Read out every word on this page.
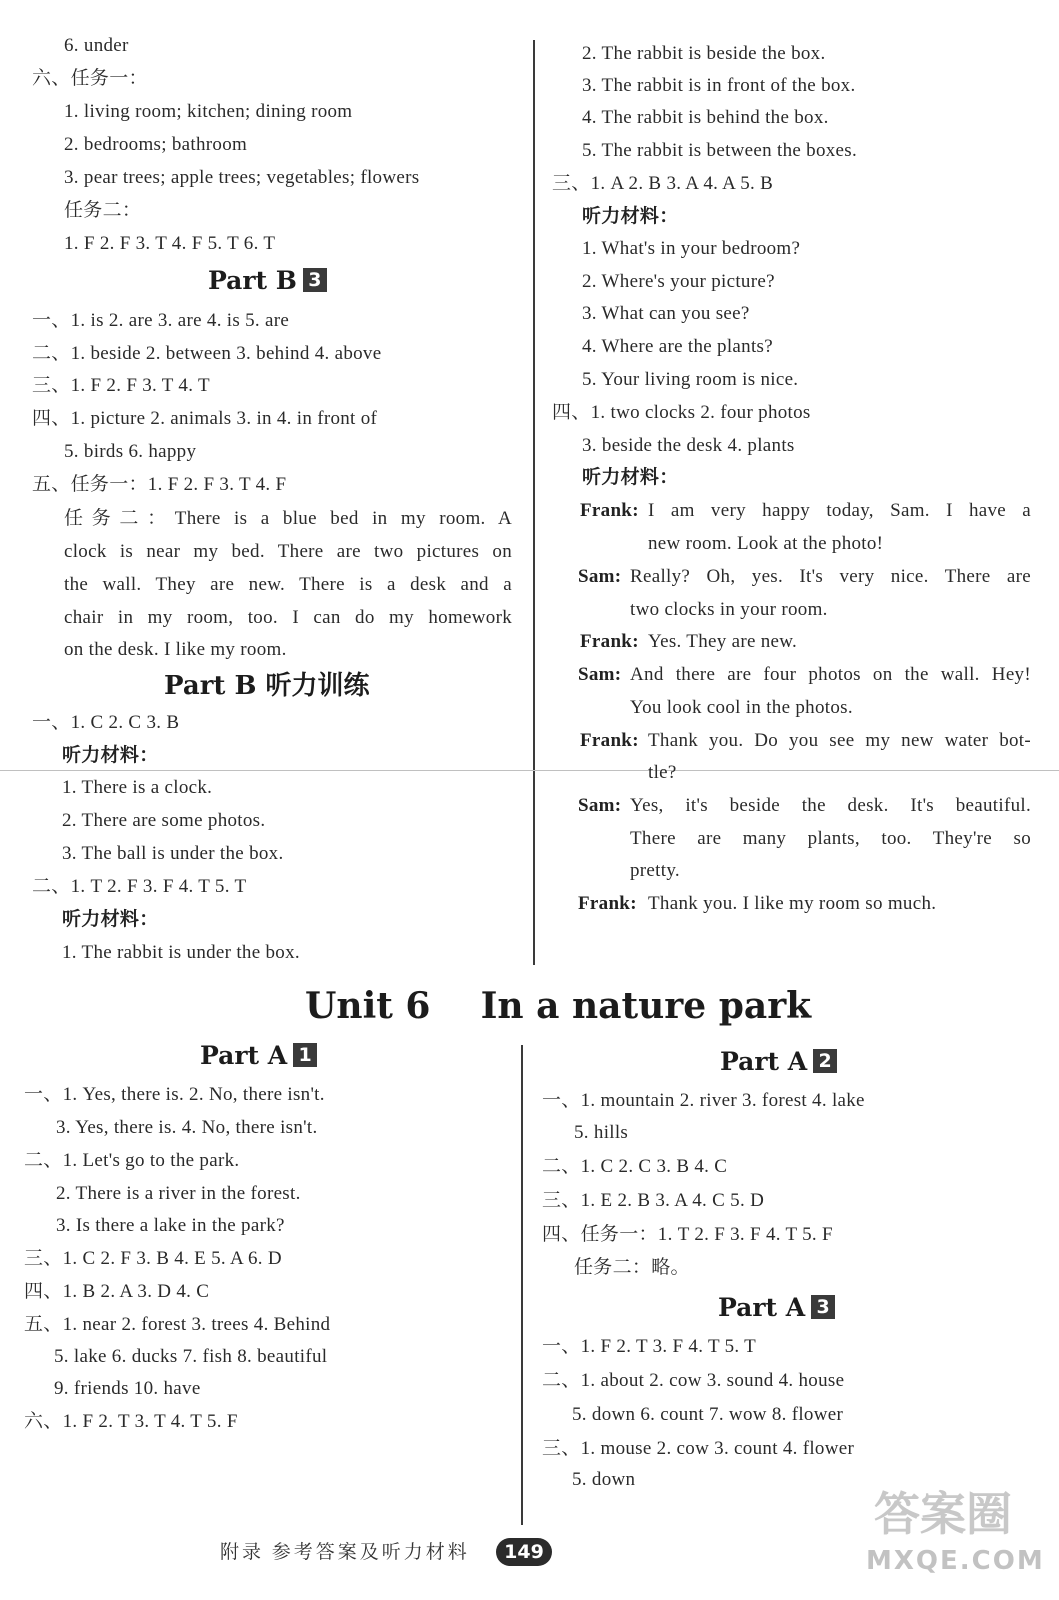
6. under
六、任务一：
1. living room; kitchen; dining room
2. bedrooms; bathroom
3. pear trees; apple trees; vegetables; flowers
任务二：
1. F 2. F 3. T 4. F 5. T 6. T
Part B 3
一、1. is 2. are 3. are 4. is 5. are
二、1. beside 2. between 3. behind 4. above
三、1. F 2. F 3. T 4. T
四、1. picture 2. animals 3. in 4. in front of
5. birds 6. happy
五、任务一：1. F 2. F 3. T 4. F
任务二：There is a blue bed in my room. A
clock is near my bed. There are two pictures on
the wall. They are new. There is a desk and a
chair in my room, too. I can do my homework
on the desk. I like my room.
Part B 听力训练
一、1. C 2. C 3. B
听力材料：
1. There is a clock.
2. There are some photos.
3. The ball is under the box.
二、1. T 2. F 3. F 4. T 5. T
听力材料：
1. The rabbit is under the box.
2. The rabbit is beside the box.
3. The rabbit is in front of the box.
4. The rabbit is behind the box.
5. The rabbit is between the boxes.
三、1. A 2. B 3. A 4. A 5. B
听力材料：
1. What's in your bedroom?
2. Where's your picture?
3. What can you see?
4. Where are the plants?
5. Your living room is nice.
四、1. two clocks 2. four photos
3. beside the desk 4. plants
听力材料：
Frank: I am very happy today, Sam. I have a
new room. Look at the photo!
Sam: Really? Oh, yes. It's very nice. There are
two clocks in your room.
Frank: Yes. They are new.
Sam: And there are four photos on the wall. Hey!
You look cool in the photos.
Frank: Thank you. Do you see my new water bot-
tle?
Sam: Yes, it's beside the desk. It's beautiful.
There are many plants, too. They're so
pretty.
Frank: Thank you. I like my room so much.
Unit 6    In a nature park
Part A 1
一、1. Yes, there is. 2. No, there isn't.
3. Yes, there is. 4. No, there isn't.
二、1. Let's go to the park.
2. There is a river in the forest.
3. Is there a lake in the park?
三、1. C 2. F 3. B 4. E 5. A 6. D
四、1. B 2. A 3. D 4. C
五、1. near 2. forest 3. trees 4. Behind
5. lake 6. ducks 7. fish 8. beautiful
9. friends 10. have
六、1. F 2. T 3. T 4. T 5. F
Part A 2
一、1. mountain 2. river 3. forest 4. lake
5. hills
二、1. C 2. C 3. B 4. C
三、1. E 2. B 3. A 4. C 5. D
四、任务一：1. T 2. F 3. F 4. T 5. F
任务二：略。
Part A 3
一、1. F 2. T 3. F 4. T 5. T
二、1. about 2. cow 3. sound 4. house
5. down 6. count 7. wow 8. flower
三、1. mouse 2. cow 3. count 4. flower
5. down
附录 参考答案及听力材料	149
答案圈
MXQE.COM
